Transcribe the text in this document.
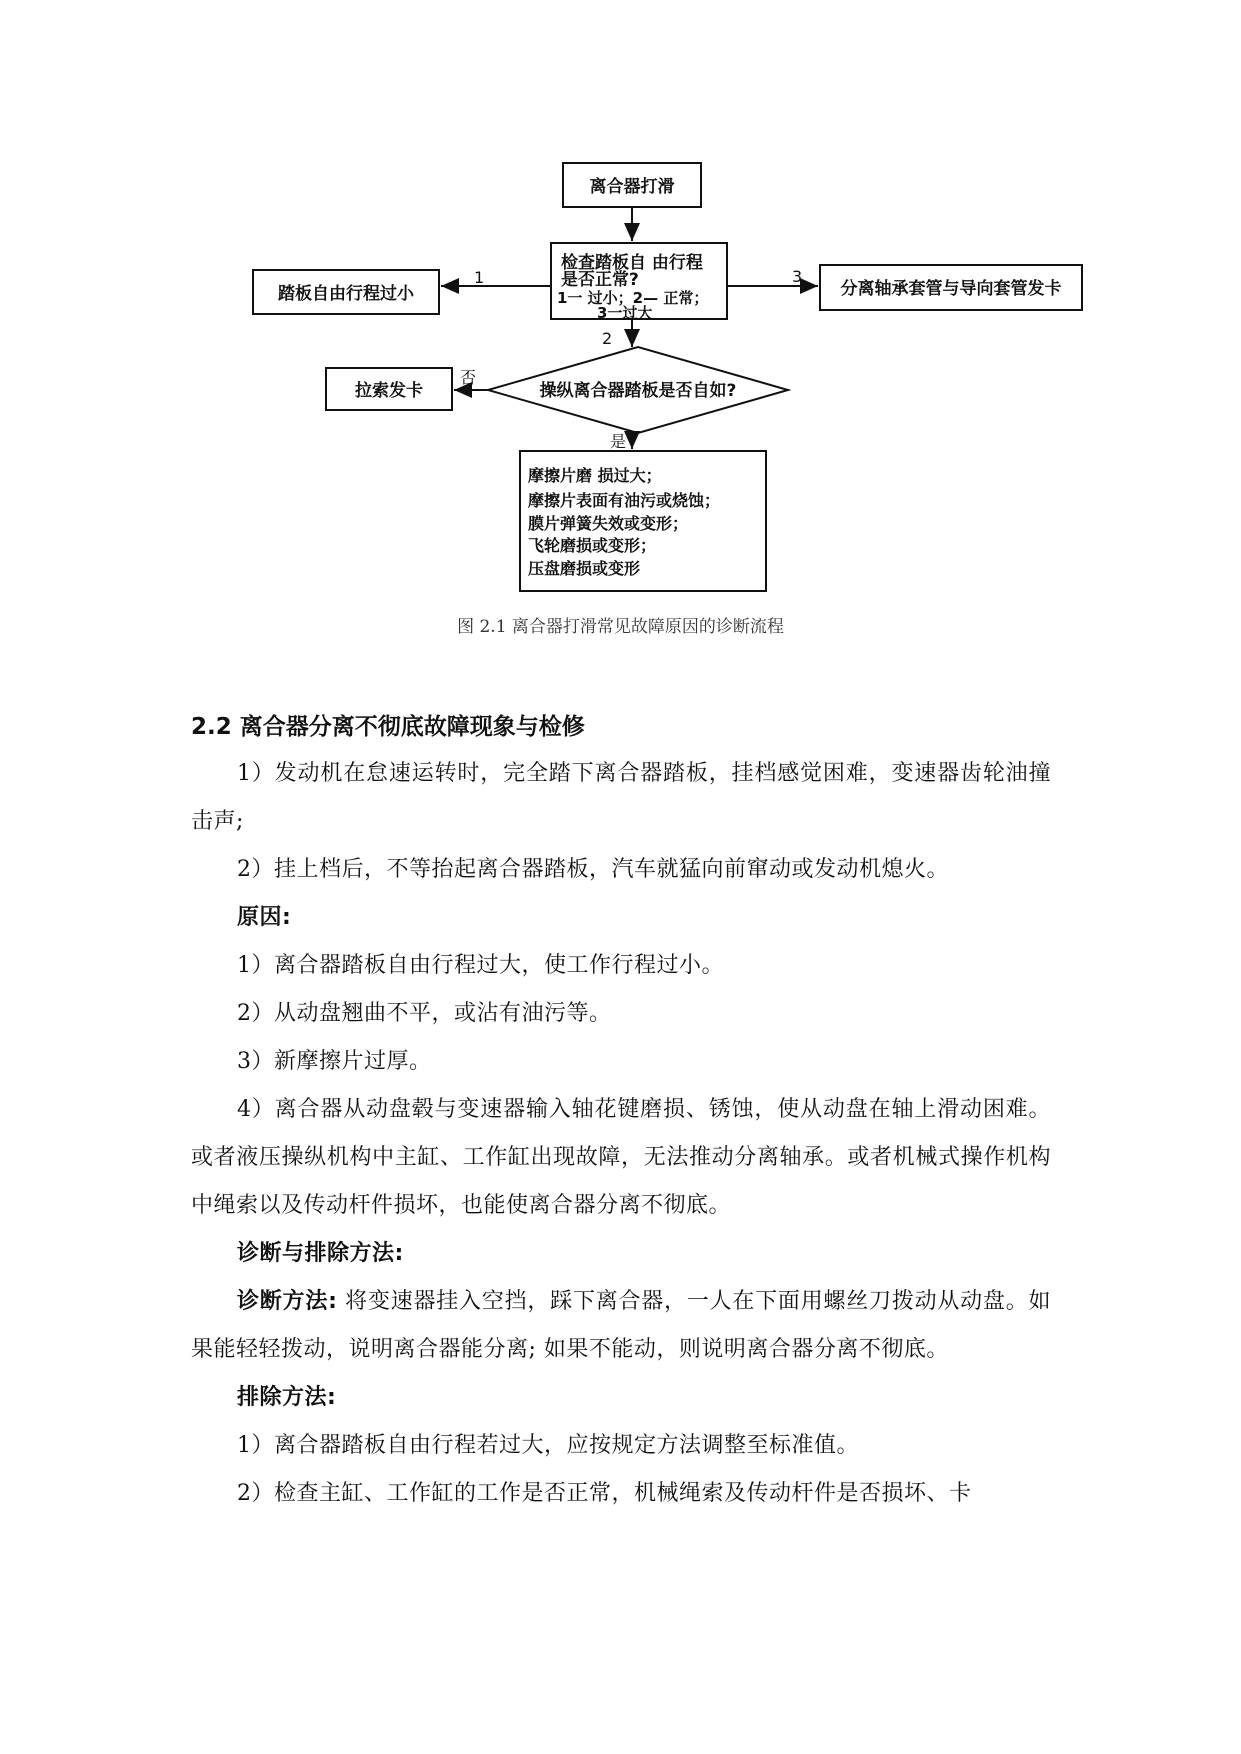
离合器打滑
检查踏板自 由行程
是否正常?
1一 过小；2— 正常；
3一过大
踏板自由行程过小	分离轴承套管与导向套管发卡
操纵离合器踏板是否自如?
拉索发卡
摩擦片磨 损过大；
摩擦片表面有油污或烧蚀；
膜片弹簧失效或变形；
飞轮磨损或变形；
压盘磨损或变形
1	3
2
否
是
图 2.1 离合器打滑常见故障原因的诊断流程
2.2 离合器分离不彻底故障现象与检修

1）发动机在怠速运转时，完全踏下离合器踏板，挂档感觉困难，变速器齿轮油撞击声;

2）挂上档后，不等抬起离合器踏板，汽车就猛向前窜动或发动机熄火。

原因:

1）离合器踏板自由行程过大，使工作行程过小。

2）从动盘翘曲不平，或沾有油污等。

3）新摩擦片过厚。

4）离合器从动盘毂与变速器输入轴花键磨损、锈蚀，使从动盘在轴上滑动困难。或者液压操纵机构中主缸、工作缸出现故障，无法推动分离轴承。或者机械式操作机构中绳索以及传动杆件损坏，也能使离合器分离不彻底。

诊断与排除方法:

诊断方法: 将变速器挂入空挡，踩下离合器，一人在下面用螺丝刀拨动从动盘。如果能轻轻拨动，说明离合器能分离; 如果不能动，则说明离合器分离不彻底。

排除方法:

1）离合器踏板自由行程若过大，应按规定方法调整至标准值。

2）检查主缸、工作缸的工作是否正常，机械绳索及传动杆件是否损坏、卡
